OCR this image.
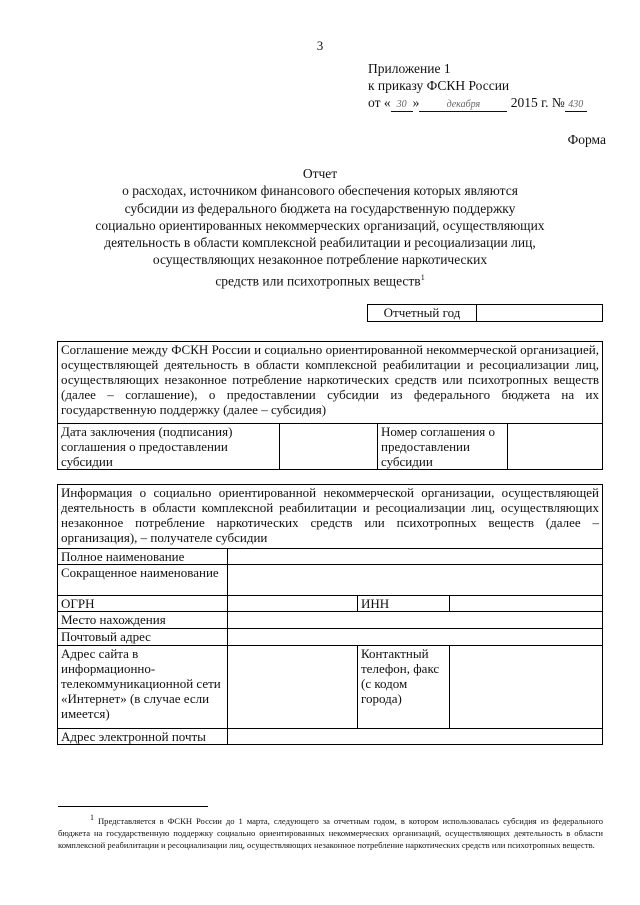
3
Приложение 1
к приказу ФСКН России
от « 30 »	декабря 2015 г. № 430
Форма
Отчет
о расходах, источником финансового обеспечения которых являются
субсидии из федерального бюджета на государственную поддержку
социально ориентированных некоммерческих организаций, осуществляющих
деятельность в области комплексной реабилитации и ресоциализации лиц,
осуществляющих незаконное потребление наркотических
средств или психотропных веществ$^1$
Отчетный год	
Соглашение между ФСКН России и социально ориентированной некоммерческой организацией, осуществляющей деятельность в области комплексной реабилитации и ресоциализации лиц, осуществляющих незаконное потребление наркотических средств или психотропных веществ (далее – соглашение), о предоставлении субсидии из федерального бюджета на их государственную поддержку (далее – субсидия)
Дата заключения (подписания) соглашения о предоставлении субсидии		Номер соглашения о предоставлении субсидии	
Информация о социально ориентированной некоммерческой организации, осуществляющей деятельность в области комплексной реабилитации и ресоциализации лиц, осуществляющих незаконное потребление наркотических средств или психотропных веществ (далее – организация), – получателе субсидии			
Полное наименование			
Сокращенное наименование			
ОГРН		ИНН	
Место нахождения			
Почтовый адрес			
Адрес сайта в информационно-телекоммуникационной сети «Интернет» (в случае если имеется)		Контактный телефон, факс (с кодом города)	
Адрес электронной почты			
$^1$ Представляется в ФСКН России до 1 марта, следующего за отчетным годом, в котором использовалась субсидия из федерального бюджета на государственную поддержку социально ориентированных некоммерческих организаций, осуществляющих деятельность в области комплексной реабилитации и ресоциализации лиц, осуществляющих незаконное потребление наркотических средств или психотропных веществ.
